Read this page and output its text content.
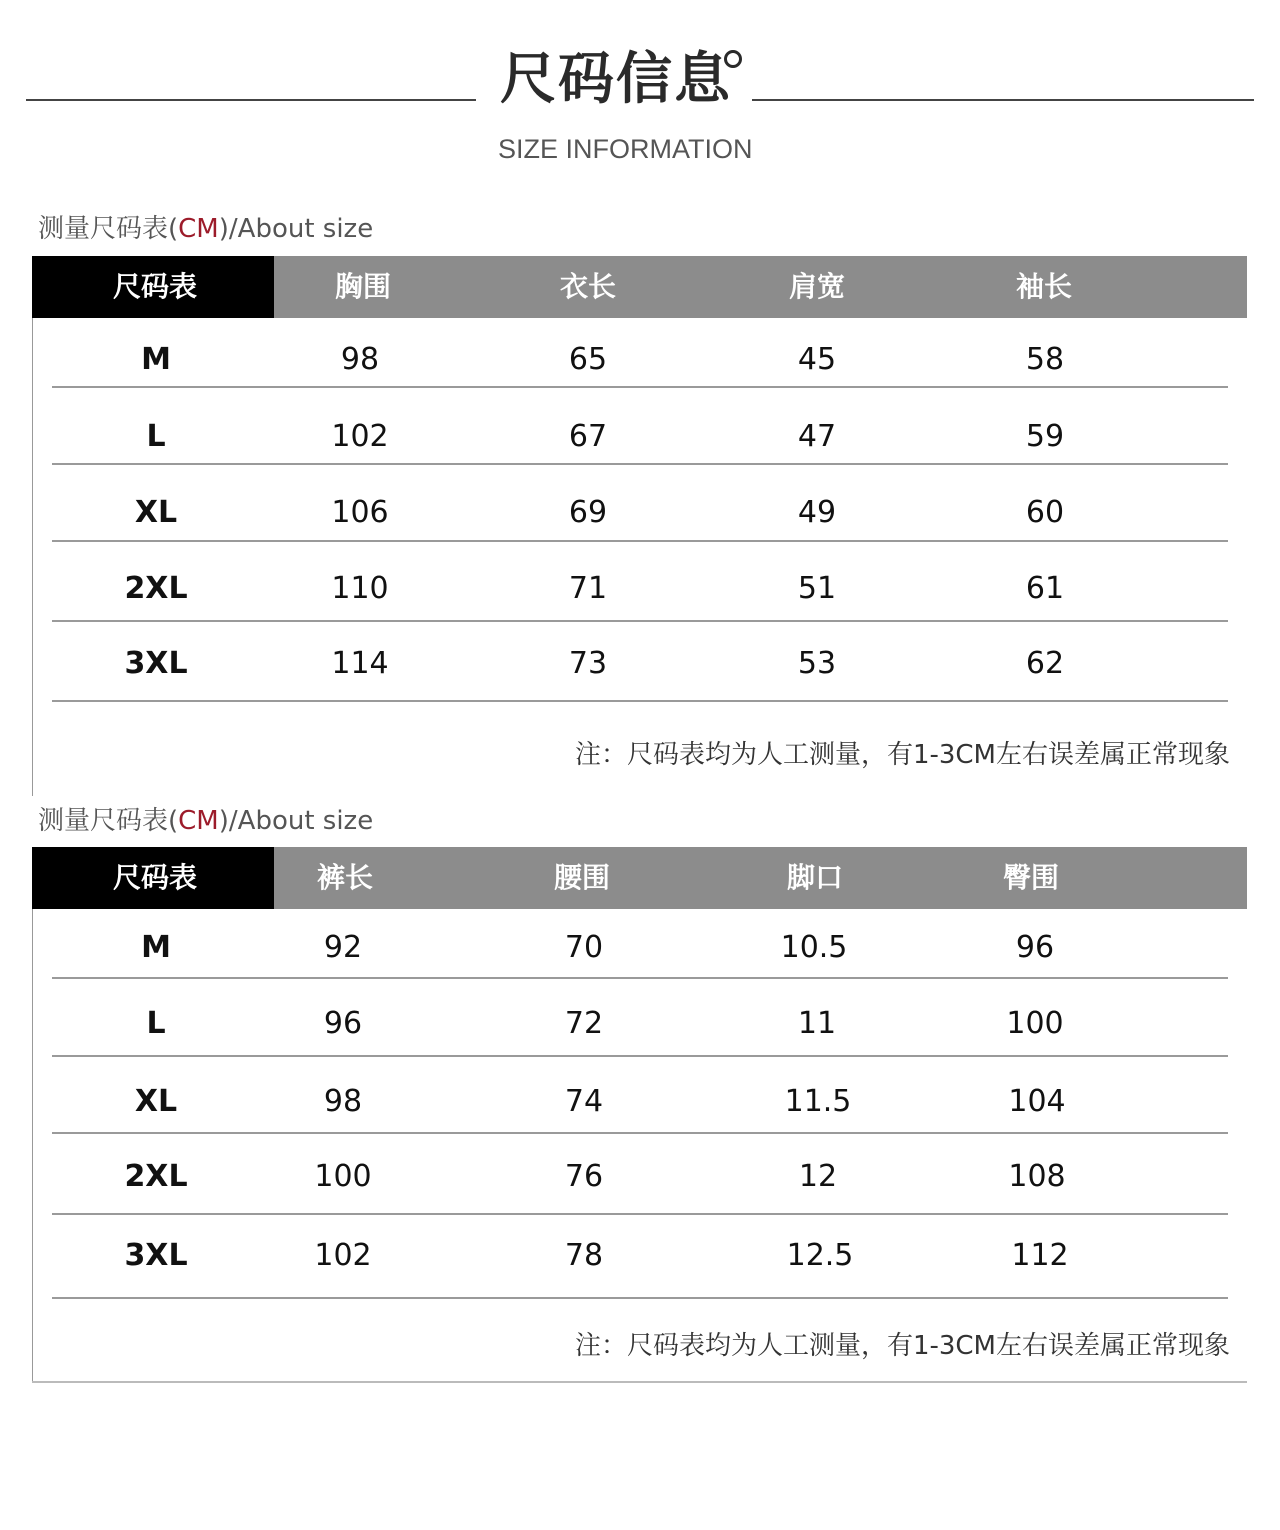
尺码信息
SIZE INFORMATION
测量尺码表(CM)/About size
尺码表	胸围	衣长	肩宽	袖长
M	98	65	45	58
L	102	67	47	59
XL	106	69	49	60
2XL	110	71	51	61
3XL	114	73	53	62
注：尺码表均为人工测量，有1-3CM左右误差属正常现象
测量尺码表(CM)/About size
尺码表	裤长	腰围	脚口	臀围
M	92	70	10.5	96
L	96	72	11	100
XL	98	74	11.5	104
2XL	100	76	12	108
3XL	102	78	12.5	112
注：尺码表均为人工测量，有1-3CM左右误差属正常现象
